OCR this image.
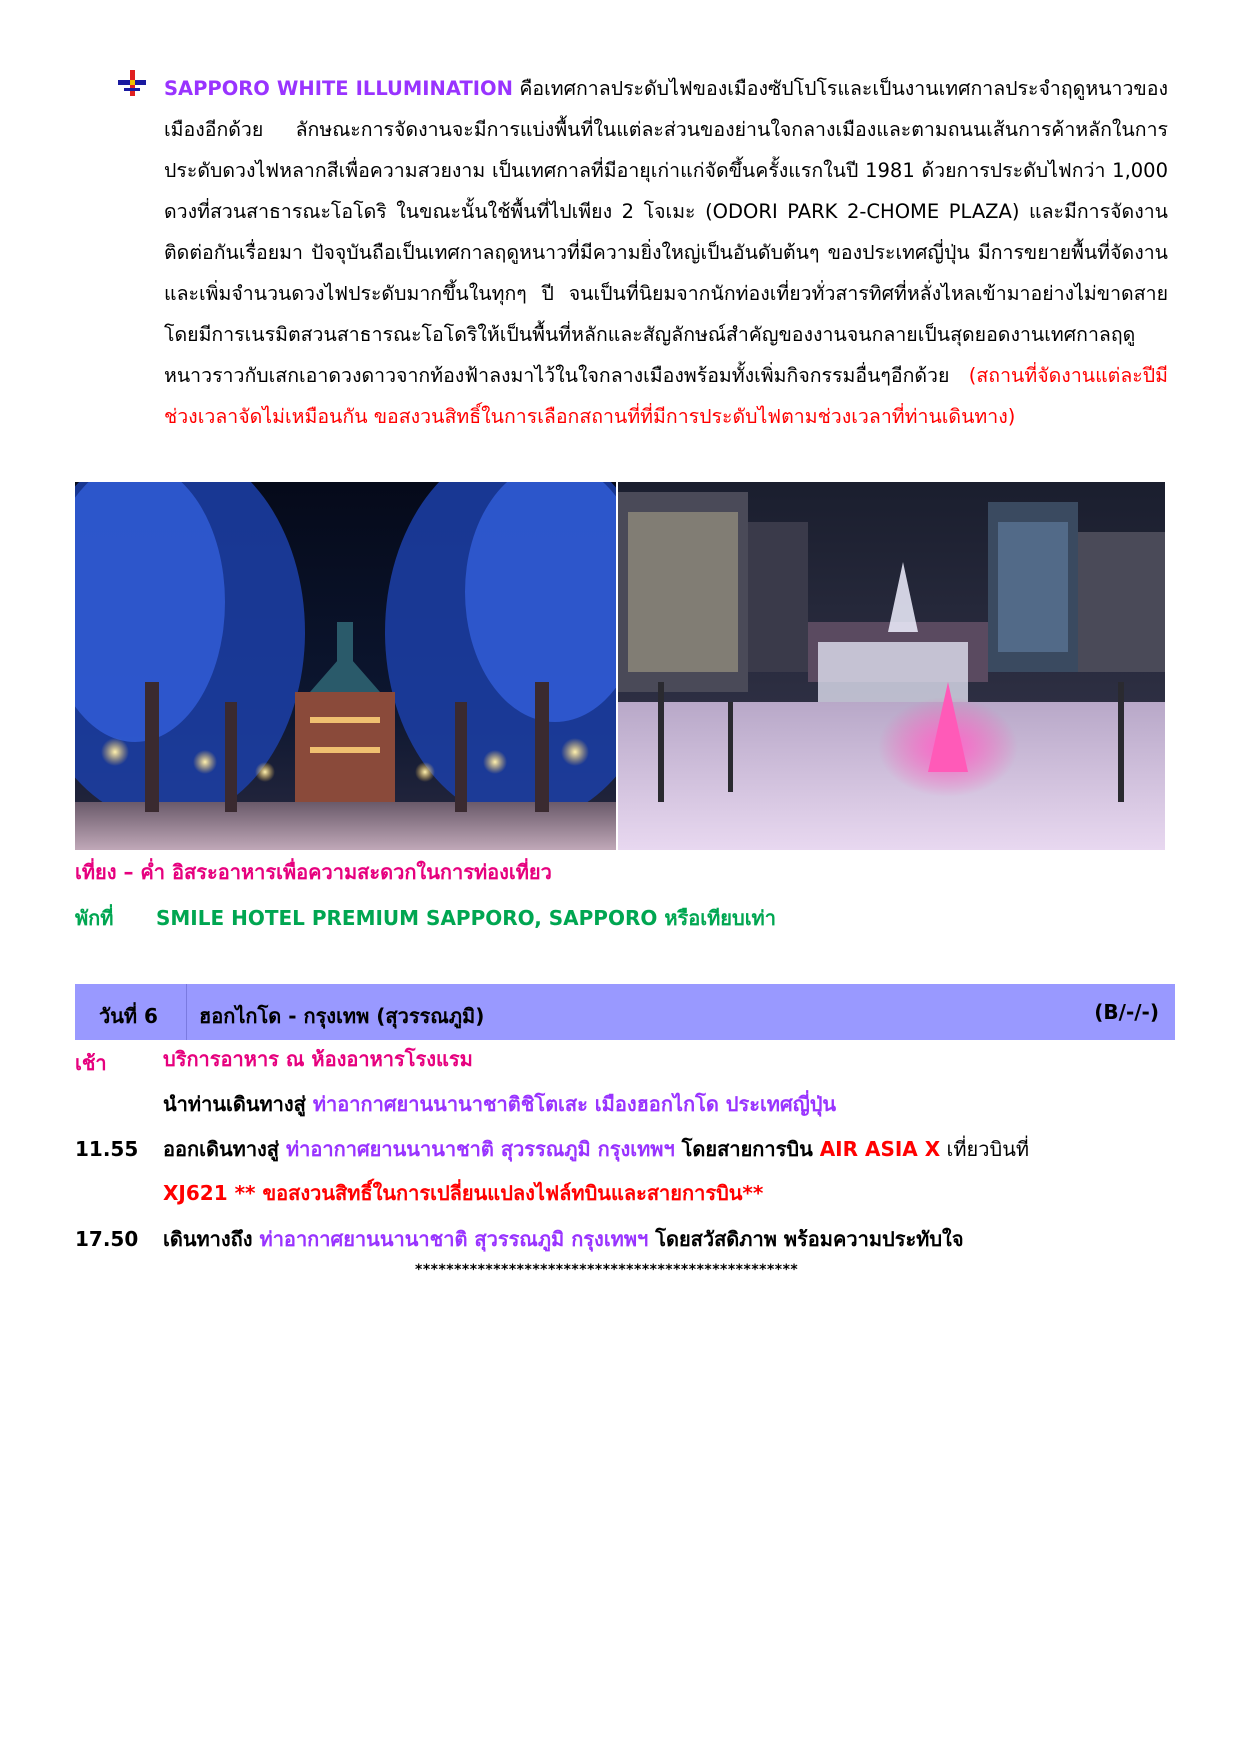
SAPPORO WHITE ILLUMINATION คือเทศกาลประดับไฟของเมืองซัปโปโรและเป็นงานเทศกาลประจำฤดูหนาวของเมืองอีกด้วย ลักษณะการจัดงานจะมีการแบ่งพื้นที่ในแต่ละส่วนของย่านใจกลางเมืองและตามถนนเส้นการค้าหลักในการประดับดวงไฟหลากสีเพื่อความสวยงาม เป็นเทศกาลที่มีอายุเก่าแก่จัดขึ้นครั้งแรกในปี 1981 ด้วยการประดับไฟกว่า 1,000 ดวงที่สวนสาธารณะโอโดริ ในขณะนั้นใช้พื้นที่ไปเพียง 2 โจเมะ (ODORI PARK 2-CHOME PLAZA) และมีการจัดงานติดต่อกันเรื่อยมา ปัจจุบันถือเป็นเทศกาลฤดูหนาวที่มีความยิ่งใหญ่เป็นอันดับต้นๆ ของประเทศญี่ปุ่น มีการขยายพื้นที่จัดงานและเพิ่มจำนวนดวงไฟประดับมากขึ้นในทุกๆ ปี จนเป็นที่นิยมจากนักท่องเที่ยวทั่วสารทิศที่หลั่งไหลเข้ามาอย่างไม่ขาดสาย โดยมีการเนรมิตสวนสาธารณะโอโดริให้เป็นพื้นที่หลักและสัญลักษณ์สำคัญของงานจนกลายเป็นสุดยอดงานเทศกาลฤดูหนาวราวกับเสกเอาดวงดาวจากท้องฟ้าลงมาไว้ในใจกลางเมืองพร้อมทั้งเพิ่มกิจกรรมอื่นๆอีกด้วย (สถานที่จัดงานแต่ละปีมีช่วงเวลาจัดไม่เหมือนกัน ขอสงวนสิทธิ์ในการเลือกสถานที่ที่มีการประดับไฟตามช่วงเวลาที่ท่านเดินทาง)
เที่ยง – ค่ำ อิสระอาหารเพื่อความสะดวกในการท่องเที่ยว
พักที่ SMILE HOTEL PREMIUM SAPPORO, SAPPORO หรือเทียบเท่า
วันที่ 6 ฮอกไกโด - กรุงเทพ (สุวรรณภูมิ)	(B/-/-)
เช้า	บริการอาหาร ณ ห้องอาหารโรงแรม
นำท่านเดินทางสู่ ท่าอากาศยานนานาชาติชิโตเสะ เมืองฮอกไกโด ประเทศญี่ปุ่น
11.55 ออกเดินทางสู่ ท่าอากาศยานนานาชาติ สุวรรณภูมิ กรุงเทพฯ โดยสายการบิน AIR ASIA X เที่ยวบินที่
XJ621 ** ขอสงวนสิทธิ์ในการเปลี่ยนแปลงไฟล์ทบินและสายการบิน**
17.50 เดินทางถึง ท่าอากาศยานนานาชาติ สุวรรณภูมิ กรุงเทพฯ โดยสวัสดิภาพ พร้อมความประทับใจ
*************************************************
